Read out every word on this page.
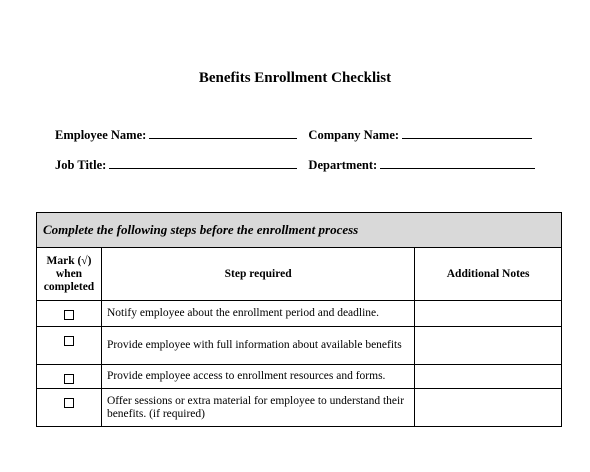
Benefits Enrollment Checklist
Employee Name:	Company Name:
Job Title:	Department:
Complete the following steps before the enrollment process		
Mark (√)
when
completed	Step required	Additional Notes
	Notify employee about the enrollment period and deadline.	
	Provide employee with full information about available benefits	
	Provide employee access to enrollment resources and forms.	
	Offer sessions or extra material for employee to understand their benefits. (if required)	
